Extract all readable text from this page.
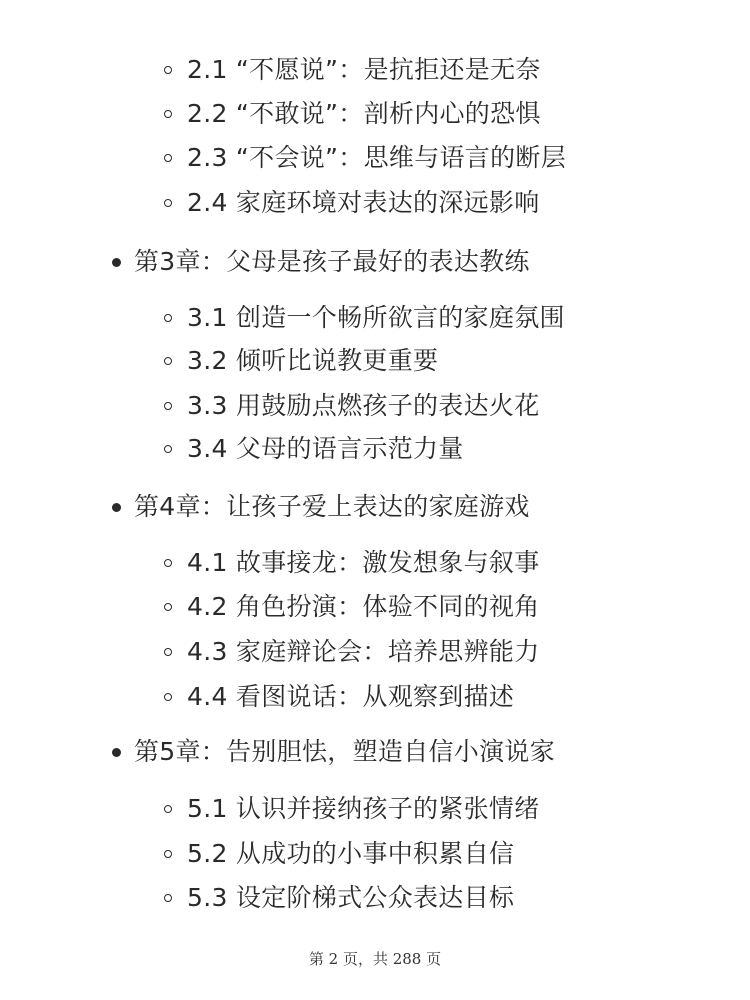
2.1 “不愿说”：是抗拒还是无奈
2.2 “不敢说”：剖析内心的恐惧
2.3 “不会说”：思维与语言的断层
2.4 家庭环境对表达的深远影响
第3章：父母是孩子最好的表达教练
3.1 创造一个畅所欲言的家庭氛围
3.2 倾听比说教更重要
3.3 用鼓励点燃孩子的表达火花
3.4 父母的语言示范力量
第4章：让孩子爱上表达的家庭游戏
4.1 故事接龙：激发想象与叙事
4.2 角色扮演：体验不同的视角
4.3 家庭辩论会：培养思辨能力
4.4 看图说话：从观察到描述
第5章：告别胆怯，塑造自信小演说家
5.1 认识并接纳孩子的紧张情绪
5.2 从成功的小事中积累自信
5.3 设定阶梯式公众表达目标
第 2 页，共 288 页
